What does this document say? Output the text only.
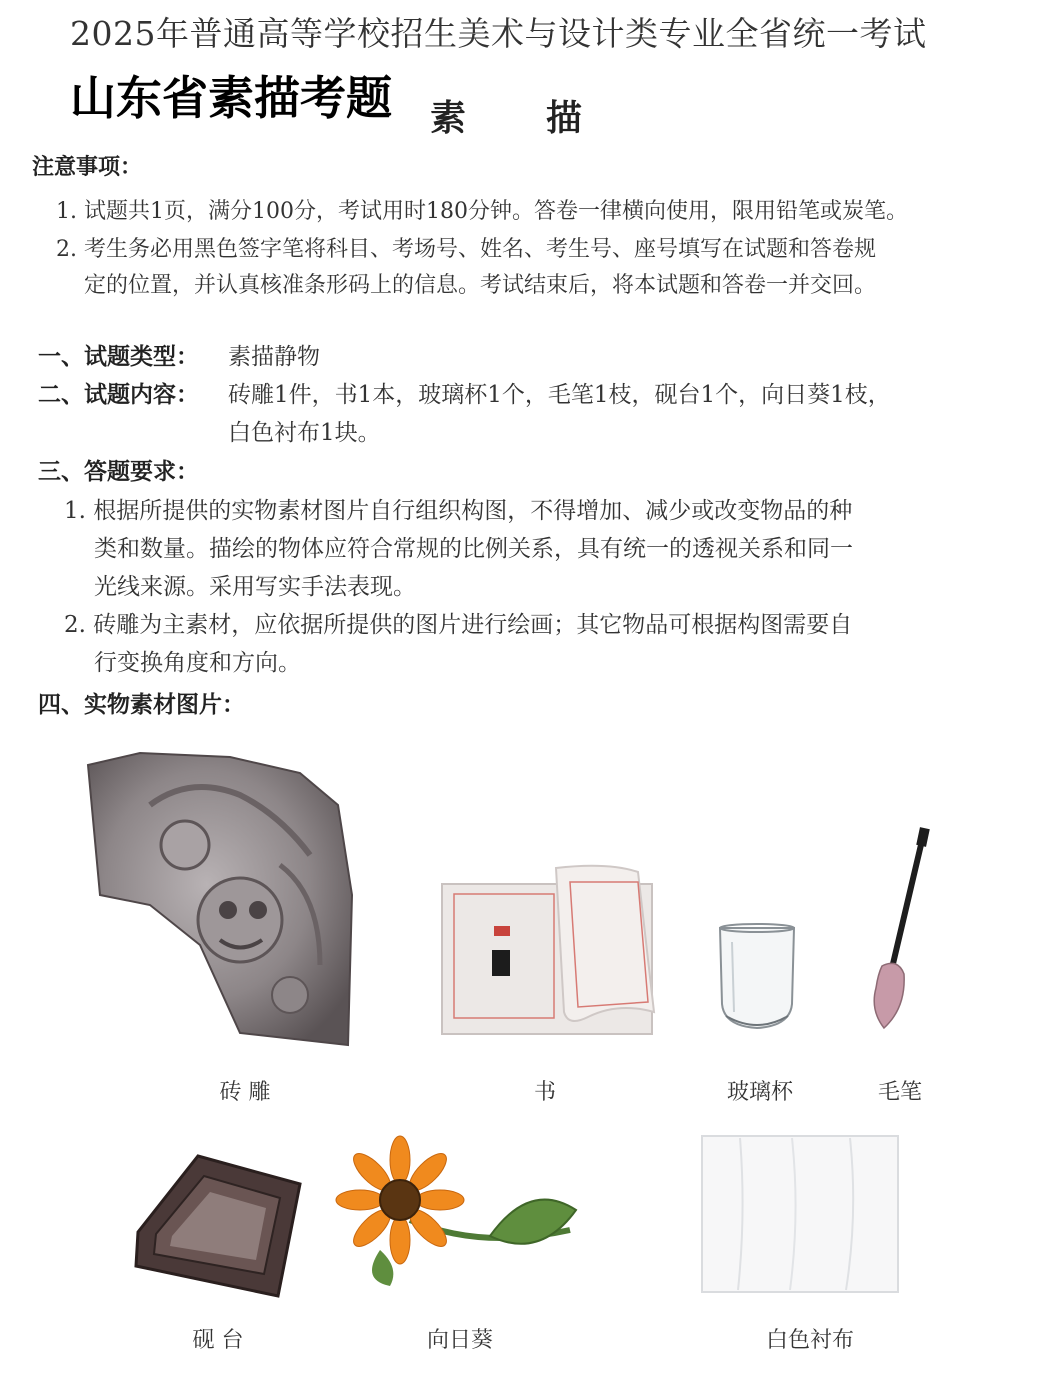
2025年普通高等学校招生美术与设计类专业全省统一考试
山东省素描考题 素描
注意事项：
1. 试题共1页，满分100分，考试用时180分钟。答卷一律横向使用，限用铅笔或炭笔。
2. 考生务必用黑色签字笔将科目、考场号、姓名、考生号、座号填写在试题和答卷规
定的位置，并认真核准条形码上的信息。考试结束后，将本试题和答卷一并交回。
一、试题类型： 素描静物
二、试题内容： 砖雕1件，书1本，玻璃杯1个，毛笔1枝，砚台1个，向日葵1枝，
白色衬布1块。
三、答题要求：
1. 根据所提供的实物素材图片自行组织构图，不得增加、减少或改变物品的种
类和数量。描绘的物体应符合常规的比例关系，具有统一的透视关系和同一
光线来源。采用写实手法表现。
2. 砖雕为主素材，应依据所提供的图片进行绘画；其它物品可根据构图需要自
行变换角度和方向。
四、实物素材图片：
砖 雕	书	玻璃杯	毛笔
砚 台	向日葵	白色衬布
